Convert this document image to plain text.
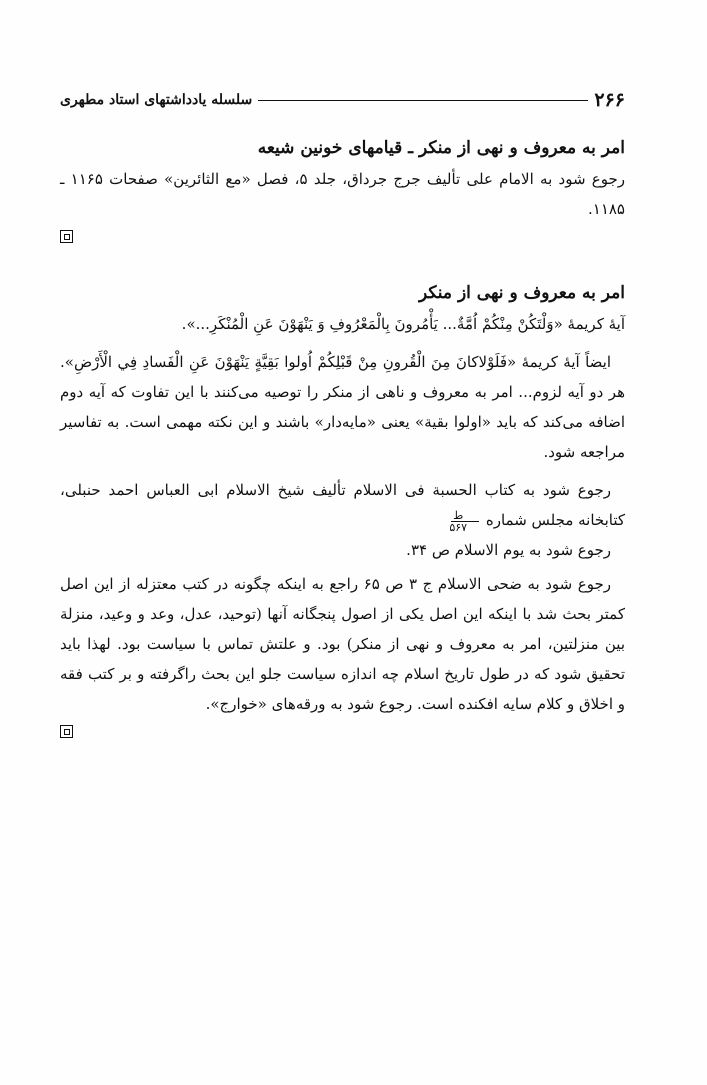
۲۶۶
سلسله یادداشتهای استاد مطهری
امر به معروف و نهی از منکر ـ قیامهای خونین شیعه

رجوع شود به الامام علی تألیف جرج جرداق، جلد ۵، فصل «مع الثائرین» صفحات ۱۱۶۵ ـ ۱۱۸۵.

امر به معروف و نهی از منکر

آیهٔ کریمهٔ «وَلْتَكُنْ مِنْكُمْ اُمَّةٌ... يَأْمُرونَ بِالْمَعْرُوفِ وَ يَنْهَوْنَ عَنِ الْمُنْكَرِ...».

ایضاً آیهٔ کریمهٔ «فَلَوْلاكانَ مِنَ الْقُرونِ مِنْ قَبْلِكُمْ اُولوا بَقِيَّةٍ يَنْهَوْنَ عَنِ الْفَسادِ فِي الْأَرْضِ». هر دو آیه لزوم... امر به معروف و ناهی از منکر را توصیه می‌کنند با این تفاوت که آیه دوم اضافه می‌کند که باید «اولوا بقیة» یعنی «مایه‌دار» باشند و این نکته مهمی است. به تفاسیر مراجعه شود.

رجوع شود به کتاب الحسبة فی الاسلام تألیف شیخ الاسلام ابی العباس احمد حنبلی، کتابخانه مجلس شماره
$\frac{\text{ط}}{۵۶۷}$

رجوع شود به یوم الاسلام ص ۳۴.

رجوع شود به ضحی الاسلام ج ۳ ص ۶۵ راجع به اینکه چگونه در کتب معتزله از این اصل کمتر بحث شد با اینکه این اصل یکی از اصول پنجگانه آنها (توحید، عدل، وعد و وعید، منزلة بین منزلتین، امر به معروف و نهی از منکر) بود. و علتش تماس با سیاست بود. لهذا باید تحقیق شود که در طول تاریخ اسلام چه اندازه سیاست جلو این بحث راگرفته و بر کتب فقه و اخلاق و کلام سایه افکنده است. رجوع شود به ورقه‌های «خوارج».
